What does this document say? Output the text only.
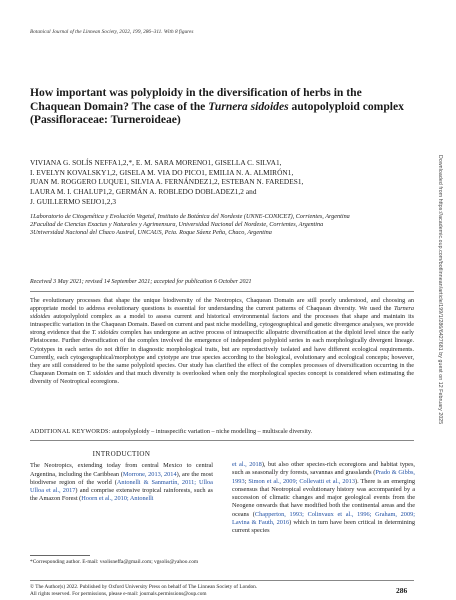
Botanical Journal of the Linnean Society, 2022, 199, 286–311. With 8 figures
Downloaded from https://academic.oup.com/botlinnean/article/199/1/286/6427681 by guest on 12 February 2025
How important was polyploidy in the diversification of herbs in the Chaquean Domain? The case of the Turnera sidoides autopolyploid complex (Passifloraceae: Turneroideae)
VIVIANA G. SOLÍS NEFFA1,2,*, E. M. SARA MORENO1, GISELLA C. SILVA1,
I. EVELYN KOVALSKY1,2, GISELA M. VIA DO PICO1, EMILIA N. A. ALMIRÓN1,
JUAN M. ROGGERO LUQUE1, SILVIA A. FERNÁNDEZ1,2, ESTEBAN N. FAREDES1,
LAURA M. I. CHALUP1,2, GERMÁN A. ROBLEDO DOBLADEZ1,2 and
J. GUILLERMO SEIJO1,2,3
1Laboratorio de Citogenética y Evolución Vegetal, Instituto de Botánica del Nordeste (UNNE-CONICET), Corrientes, Argentina
2Facultad de Ciencias Exactas y Naturales y Agrimensura, Universidad Nacional del Nordeste, Corrientes, Argentina
3Universidad Nacional del Chaco Austral, UNCAUS, Pcia. Roque Sáenz Peña, Chaco, Argentina
Received 3 May 2021; revised 14 September 2021; accepted for publication 6 October 2021

The evolutionary processes that shape the unique biodiversity of the Neotropics, Chaquean Domain are still poorly understood, and choosing an appropriate model to address evolutionary questions is essential for understanding the current patterns of Chaquean diversity. We used the Turnera sidoides autopolyploid complex as a model to assess current and historical environmental factors and the processes that shape and maintain its intraspecific variation in the Chaquean Domain. Based on current and past niche modelling, cytogeographical and genetic divergence analyses, we provide strong evidence that the T. sidoides complex has undergone an active process of intraspecific allopatric diversification at the diploid level since the early Pleistocene. Further diversification of the complex involved the emergence of independent polyploid series in each morphologically divergent lineage. Cytotypes in each series do not differ in diagnostic morphological traits, but are reproductively isolated and have different ecological requirements. Currently, each cytogeographical/morphotype and cytotype are true species according to the biological, evolutionary and ecological concepts; however, they are still considered to be the same polyploid species. Our study has clarified the effect of the complex processes of diversification occurring in the Chaquean Domain on T. sidoides and that much diversity is overlooked when only the morphological species concept is considered when estimating the diversity of Neotropical ecoregions.

ADDITIONAL KEYWORDS: autopolyploidy – intraspecific variation – niche modelling – multiscale diversity.
INTRODUCTION

The Neotropics, extending today from central Mexico to central Argentina, including the Caribbean (Morrone, 2013, 2014), are the most biodiverse region of the world (Antonelli & Sanmartín, 2011; Ulloa Ulloa et al., 2017) and comprise extensive tropical rainforests, such as the Amazon Forest (Hoorn et al., 2010; Antonelli

et al., 2018), but also other species-rich ecoregions and habitat types, such as seasonally dry forests, savannas and grasslands (Prado & Gibbs, 1993; Simon et al., 2009; Collevatti et al., 2013). There is an emerging consensus that Neotropical evolutionary history was accompanied by a succession of climatic changes and major geological events from the Neogene onwards that have modified both the continental areas and the oceans (Chapperton, 1993; Colinvaux et al., 1996; Graham, 2009; Lavina & Fauth, 2016) which in turn have been critical in determining current species

*Corresponding author. E-mail: vsolisneffa@gmail.com; vgsolis@yahoo.com
© The Author(s) 2022. Published by Oxford University Press on behalf of The Linnean Society of London.
All rights reserved. For permissions, please e-mail: journals.permissions@oup.com	286
